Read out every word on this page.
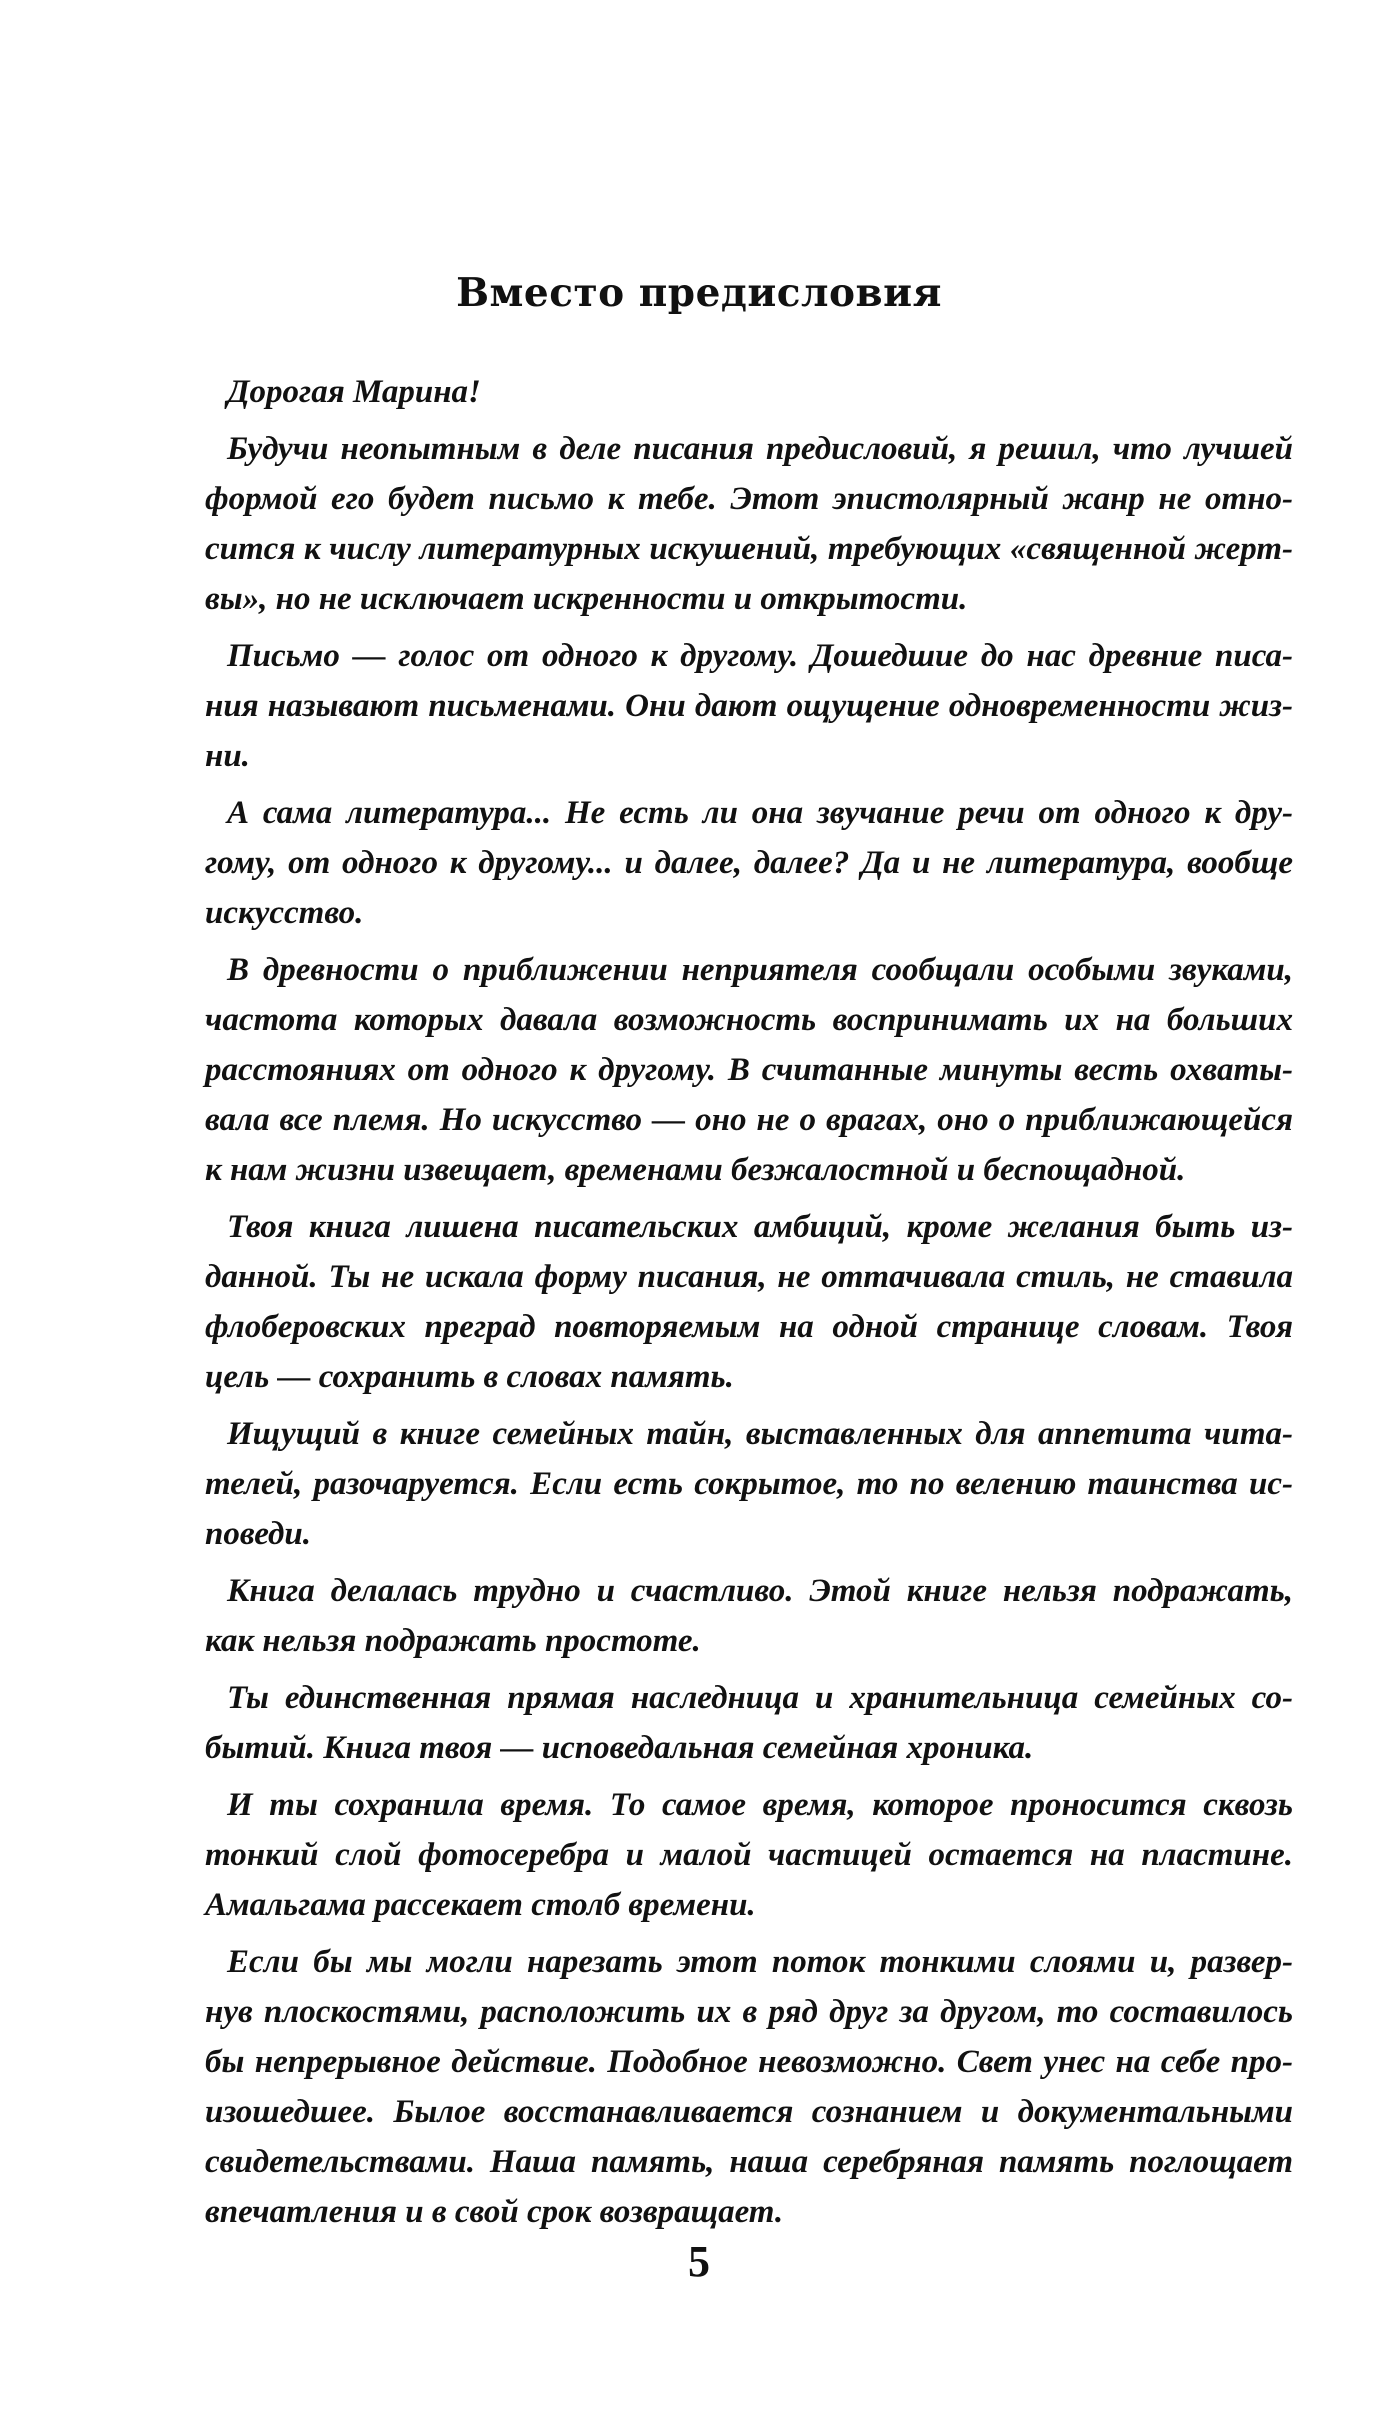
Вместо предисловия
Дорогая Марина!
Будучи неопытным в деле писания предисловий, я решил, что лучшей
формой его будет письмо к тебе. Этот эпистолярный жанр не отно-
сится к числу литературных искушений, требующих «священной жерт-
вы», но не исключает искренности и открытости.
Письмо — голос от одного к другому. Дошедшие до нас древние писа-
ния называют письменами. Они дают ощущение одновременности жиз-
ни.
А сама литература... Не есть ли она звучание речи от одного к дру-
гому, от одного к другому... и далее, далее? Да и не литература, вообще
искусство.
В древности о приближении неприятеля сообщали особыми звуками,
частота которых давала возможность воспринимать их на больших
расстояниях от одного к другому. В считанные минуты весть охваты-
вала все племя. Но искусство — оно не о врагах, оно о приближающейся
к нам жизни извещает, временами безжалостной и беспощадной.
Твоя книга лишена писательских амбиций, кроме желания быть из-
данной. Ты не искала форму писания, не оттачивала стиль, не ставила
флоберовских преград повторяемым на одной странице словам. Твоя
цель — сохранить в словах память.
Ищущий в книге семейных тайн, выставленных для аппетита чита-
телей, разочаруется. Если есть сокрытое, то по велению таинства ис-
поведи.
Книга делалась трудно и счастливо. Этой книге нельзя подражать,
как нельзя подражать простоте.
Ты единственная прямая наследница и хранительница семейных со-
бытий. Книга твоя — исповедальная семейная хроника.
И ты сохранила время. То самое время, которое проносится сквозь
тонкий слой фотосеребра и малой частицей остается на пластине.
Амальгама рассекает столб времени.
Если бы мы могли нарезать этот поток тонкими слоями и, развер-
нув плоскостями, расположить их в ряд друг за другом, то составилось
бы непрерывное действие. Подобное невозможно. Свет унес на себе про-
изошедшее. Былое восстанавливается сознанием и документальными
свидетельствами. Наша память, наша серебряная память поглощает
впечатления и в свой срок возвращает.
5
